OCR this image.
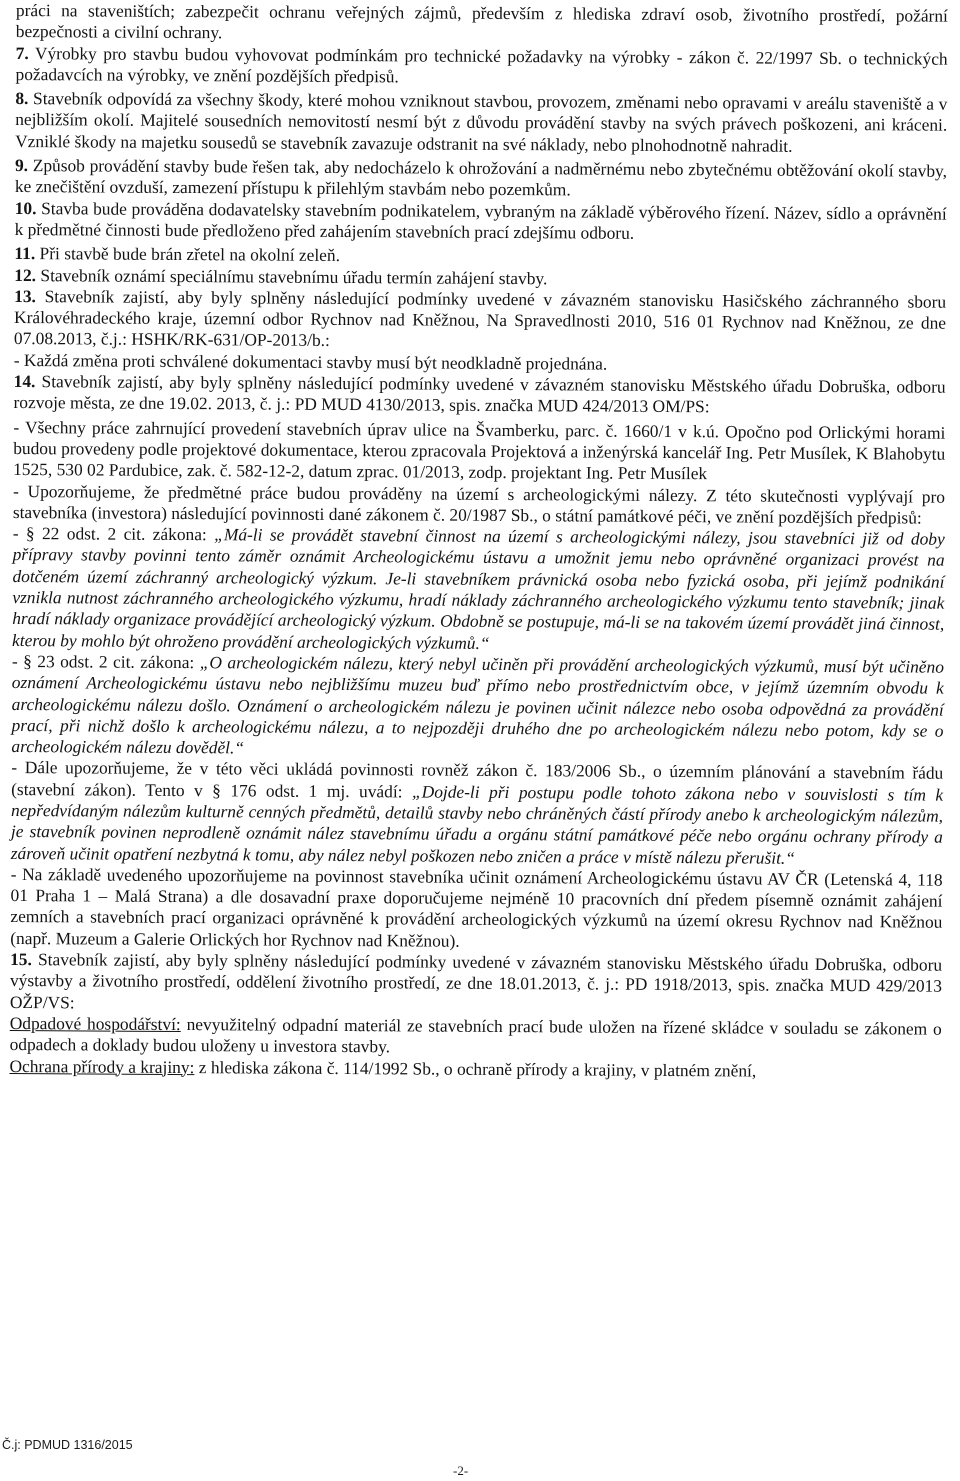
práci na staveništích; zabezpečit ochranu veřejných zájmů, především z hlediska zdraví osob, životního prostředí, požární bezpečnosti a civilní ochrany.

7. Výrobky pro stavbu budou vyhovovat podmínkám pro technické požadavky na výrobky - zákon č. 22/1997 Sb. o technických požadavcích na výrobky, ve znění pozdějších předpisů.

8. Stavebník odpovídá za všechny škody, které mohou vzniknout stavbou, provozem, změnami nebo opravami v areálu staveniště a v nejbližším okolí. Majitelé sousedních nemovitostí nesmí být z důvodu provádění stavby na svých právech poškozeni, ani kráceni. Vzniklé škody na majetku sousedů se stavebník zavazuje odstranit na své náklady, nebo plnohodnotně nahradit.

9. Způsob provádění stavby bude řešen tak, aby nedocházelo k ohrožování a nadměrnému nebo zbytečnému obtěžování okolí stavby, ke znečištění ovzduší, zamezení přístupu k přilehlým stavbám nebo pozemkům.

10. Stavba bude prováděna dodavatelsky stavebním podnikatelem, vybraným na základě výběrového řízení. Název, sídlo a oprávnění k předmětné činnosti bude předloženo před zahájením stavebních prací zdejšímu odboru.

11. Při stavbě bude brán zřetel na okolní zeleň.

12. Stavebník oznámí speciálnímu stavebnímu úřadu termín zahájení stavby.

13. Stavebník zajistí, aby byly splněny následující podmínky uvedené v závazném stanovisku Hasičského záchranného sboru Královéhradeckého kraje, územní odbor Rychnov nad Kněžnou, Na Spravedlnosti 2010, 516 01 Rychnov nad Kněžnou, ze dne 07.08.2013, č.j.: HSHK/RK-631/OP-2013/b.:

- Každá změna proti schválené dokumentaci stavby musí být neodkladně projednána.

14. Stavebník zajistí, aby byly splněny následující podmínky uvedené v závazném stanovisku Městského úřadu Dobruška, odboru rozvoje města, ze dne 19.02. 2013, č. j.: PD MUD 4130/2013, spis. značka MUD 424/2013 OM/PS:

- Všechny práce zahrnující provedení stavebních úprav ulice na Švamberku, parc. č. 1660/1 v k.ú. Opočno pod Orlickými horami budou provedeny podle projektové dokumentace, kterou zpracovala Projektová a inženýrská kancelář Ing. Petr Musílek, K Blahobytu 1525, 530 02 Pardubice, zak. č. 582-12-2, datum zprac. 01/2013, zodp. projektant Ing. Petr Musílek

- Upozorňujeme, že předmětné práce budou prováděny na území s archeologickými nálezy. Z této skutečnosti vyplývají pro stavebníka (investora) následující povinnosti dané zákonem č. 20/1987 Sb., o státní památkové péči, ve znění pozdějších předpisů:

- § 22 odst. 2 cit. zákona: „Má-li se provádět stavební činnost na území s archeologickými nálezy, jsou stavebníci již od doby přípravy stavby povinni tento záměr oznámit Archeologickému ústavu a umožnit jemu nebo oprávněné organizaci provést na dotčeném území záchranný archeologický výzkum. Je-li stavebníkem právnická osoba nebo fyzická osoba, při jejímž podnikání vznikla nutnost záchranného archeologického výzkumu, hradí náklady záchranného archeologického výzkumu tento stavebník; jinak hradí náklady organizace provádějící archeologický výzkum. Obdobně se postupuje, má-li se na takovém území provádět jiná činnost, kterou by mohlo být ohroženo provádění archeologických výzkumů.“

- § 23 odst. 2 cit. zákona: „O archeologickém nálezu, který nebyl učiněn při provádění archeologických výzkumů, musí být učiněno oznámení Archeologickému ústavu nebo nejbližšímu muzeu buď přímo nebo prostřednictvím obce, v jejímž územním obvodu k archeologickému nálezu došlo. Oznámení o archeologickém nálezu je povinen učinit nálezce nebo osoba odpovědná za provádění prací, při nichž došlo k archeologickému nálezu, a to nejpozději druhého dne po archeologickém nálezu nebo potom, kdy se o archeologickém nálezu dověděl.“

- Dále upozorňujeme, že v této věci ukládá povinnosti rovněž zákon č. 183/2006 Sb., o územním plánování a stavebním řádu (stavební zákon). Tento v § 176 odst. 1 mj. uvádí: „Dojde-li při postupu podle tohoto zákona nebo v souvislosti s tím k nepředvídaným nálezům kulturně cenných předmětů, detailů stavby nebo chráněných částí přírody anebo k archeologickým nálezům, je stavebník povinen neprodleně oznámit nález stavebnímu úřadu a orgánu státní památkové péče nebo orgánu ochrany přírody a zároveň učinit opatření nezbytná k tomu, aby nález nebyl poškozen nebo zničen a práce v místě nálezu přerušit.“

- Na základě uvedeného upozorňujeme na povinnost stavebníka učinit oznámení Archeologickému ústavu AV ČR (Letenská 4, 118 01 Praha 1 – Malá Strana) a dle dosavadní praxe doporučujeme nejméně 10 pracovních dní předem písemně oznámit zahájení zemních a stavebních prací organizaci oprávněné k provádění archeologických výzkumů na území okresu Rychnov nad Kněžnou (např. Muzeum a Galerie Orlických hor Rychnov nad Kněžnou).

15. Stavebník zajistí, aby byly splněny následující podmínky uvedené v závazném stanovisku Městského úřadu Dobruška, odboru výstavby a životního prostředí, oddělení životního prostředí, ze dne 18.01.2013, č. j.: PD 1918/2013, spis. značka MUD 429/2013 OŽP/VS:

Odpadové hospodářství: nevyužitelný odpadní materiál ze stavebních prací bude uložen na řízené skládce v souladu se zákonem o odpadech a doklady budou uloženy u investora stavby.

Ochrana přírody a krajiny: z hlediska zákona č. 114/1992 Sb., o ochraně přírody a krajiny, v platném znění,

Č.j: PDMUD 1316/2015
-2-
